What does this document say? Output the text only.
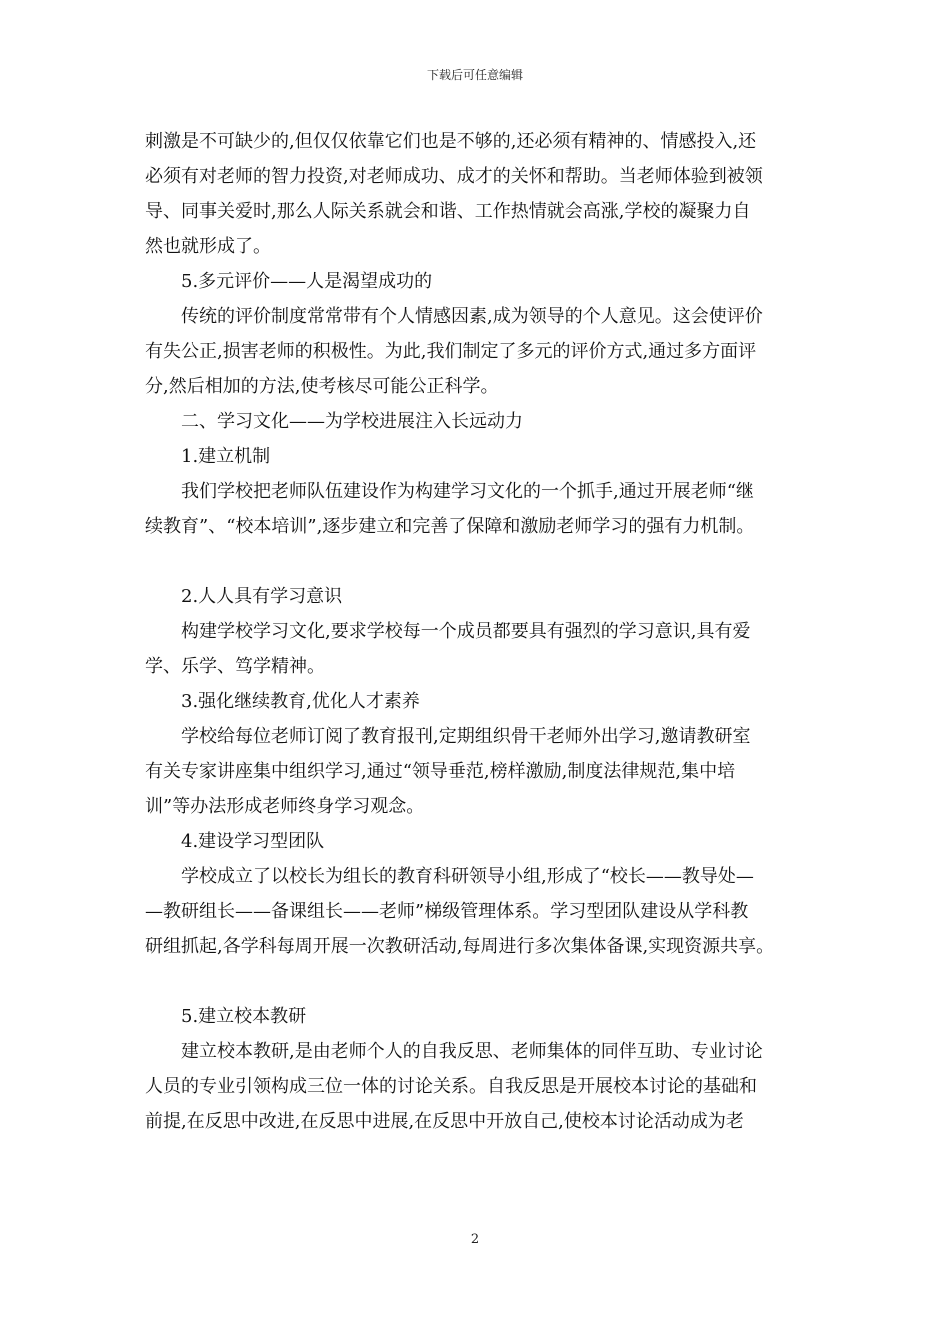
下载后可任意编辑
刺激是不可缺少的,但仅仅依靠它们也是不够的,还必须有精神的、情感投入,还
必须有对老师的智力投资,对老师成功、成才的关怀和帮助。当老师体验到被领
导、同事关爱时,那么人际关系就会和谐、工作热情就会高涨,学校的凝聚力自
然也就形成了。
　　5.多元评价——人是渴望成功的
　　传统的评价制度常常带有个人情感因素,成为领导的个人意见。这会使评价
有失公正,损害老师的积极性。为此,我们制定了多元的评价方式,通过多方面评
分,然后相加的方法,使考核尽可能公正科学。
　　二、学习文化——为学校进展注入长远动力
　　1.建立机制
　　我们学校把老师队伍建设作为构建学习文化的一个抓手,通过开展老师“继
续教育”、“校本培训”,逐步建立和完善了保障和激励老师学习的强有力机制。
　　2.人人具有学习意识
　　构建学校学习文化,要求学校每一个成员都要具有强烈的学习意识,具有爱
学、乐学、笃学精神。
　　3.强化继续教育,优化人才素养
　　学校给每位老师订阅了教育报刊,定期组织骨干老师外出学习,邀请教研室
有关专家讲座集中组织学习,通过“领导垂范,榜样激励,制度法律规范,集中培
训”等办法形成老师终身学习观念。
　　4.建设学习型团队
　　学校成立了以校长为组长的教育科研领导小组,形成了“校长——教导处—
—教研组长——备课组长——老师”梯级管理体系。学习型团队建设从学科教
研组抓起,各学科每周开展一次教研活动,每周进行多次集体备课,实现资源共享。
　　5.建立校本教研
　　建立校本教研,是由老师个人的自我反思、老师集体的同伴互助、专业讨论
人员的专业引领构成三位一体的讨论关系。自我反思是开展校本讨论的基础和
前提,在反思中改进,在反思中进展,在反思中开放自己,使校本讨论活动成为老
2
